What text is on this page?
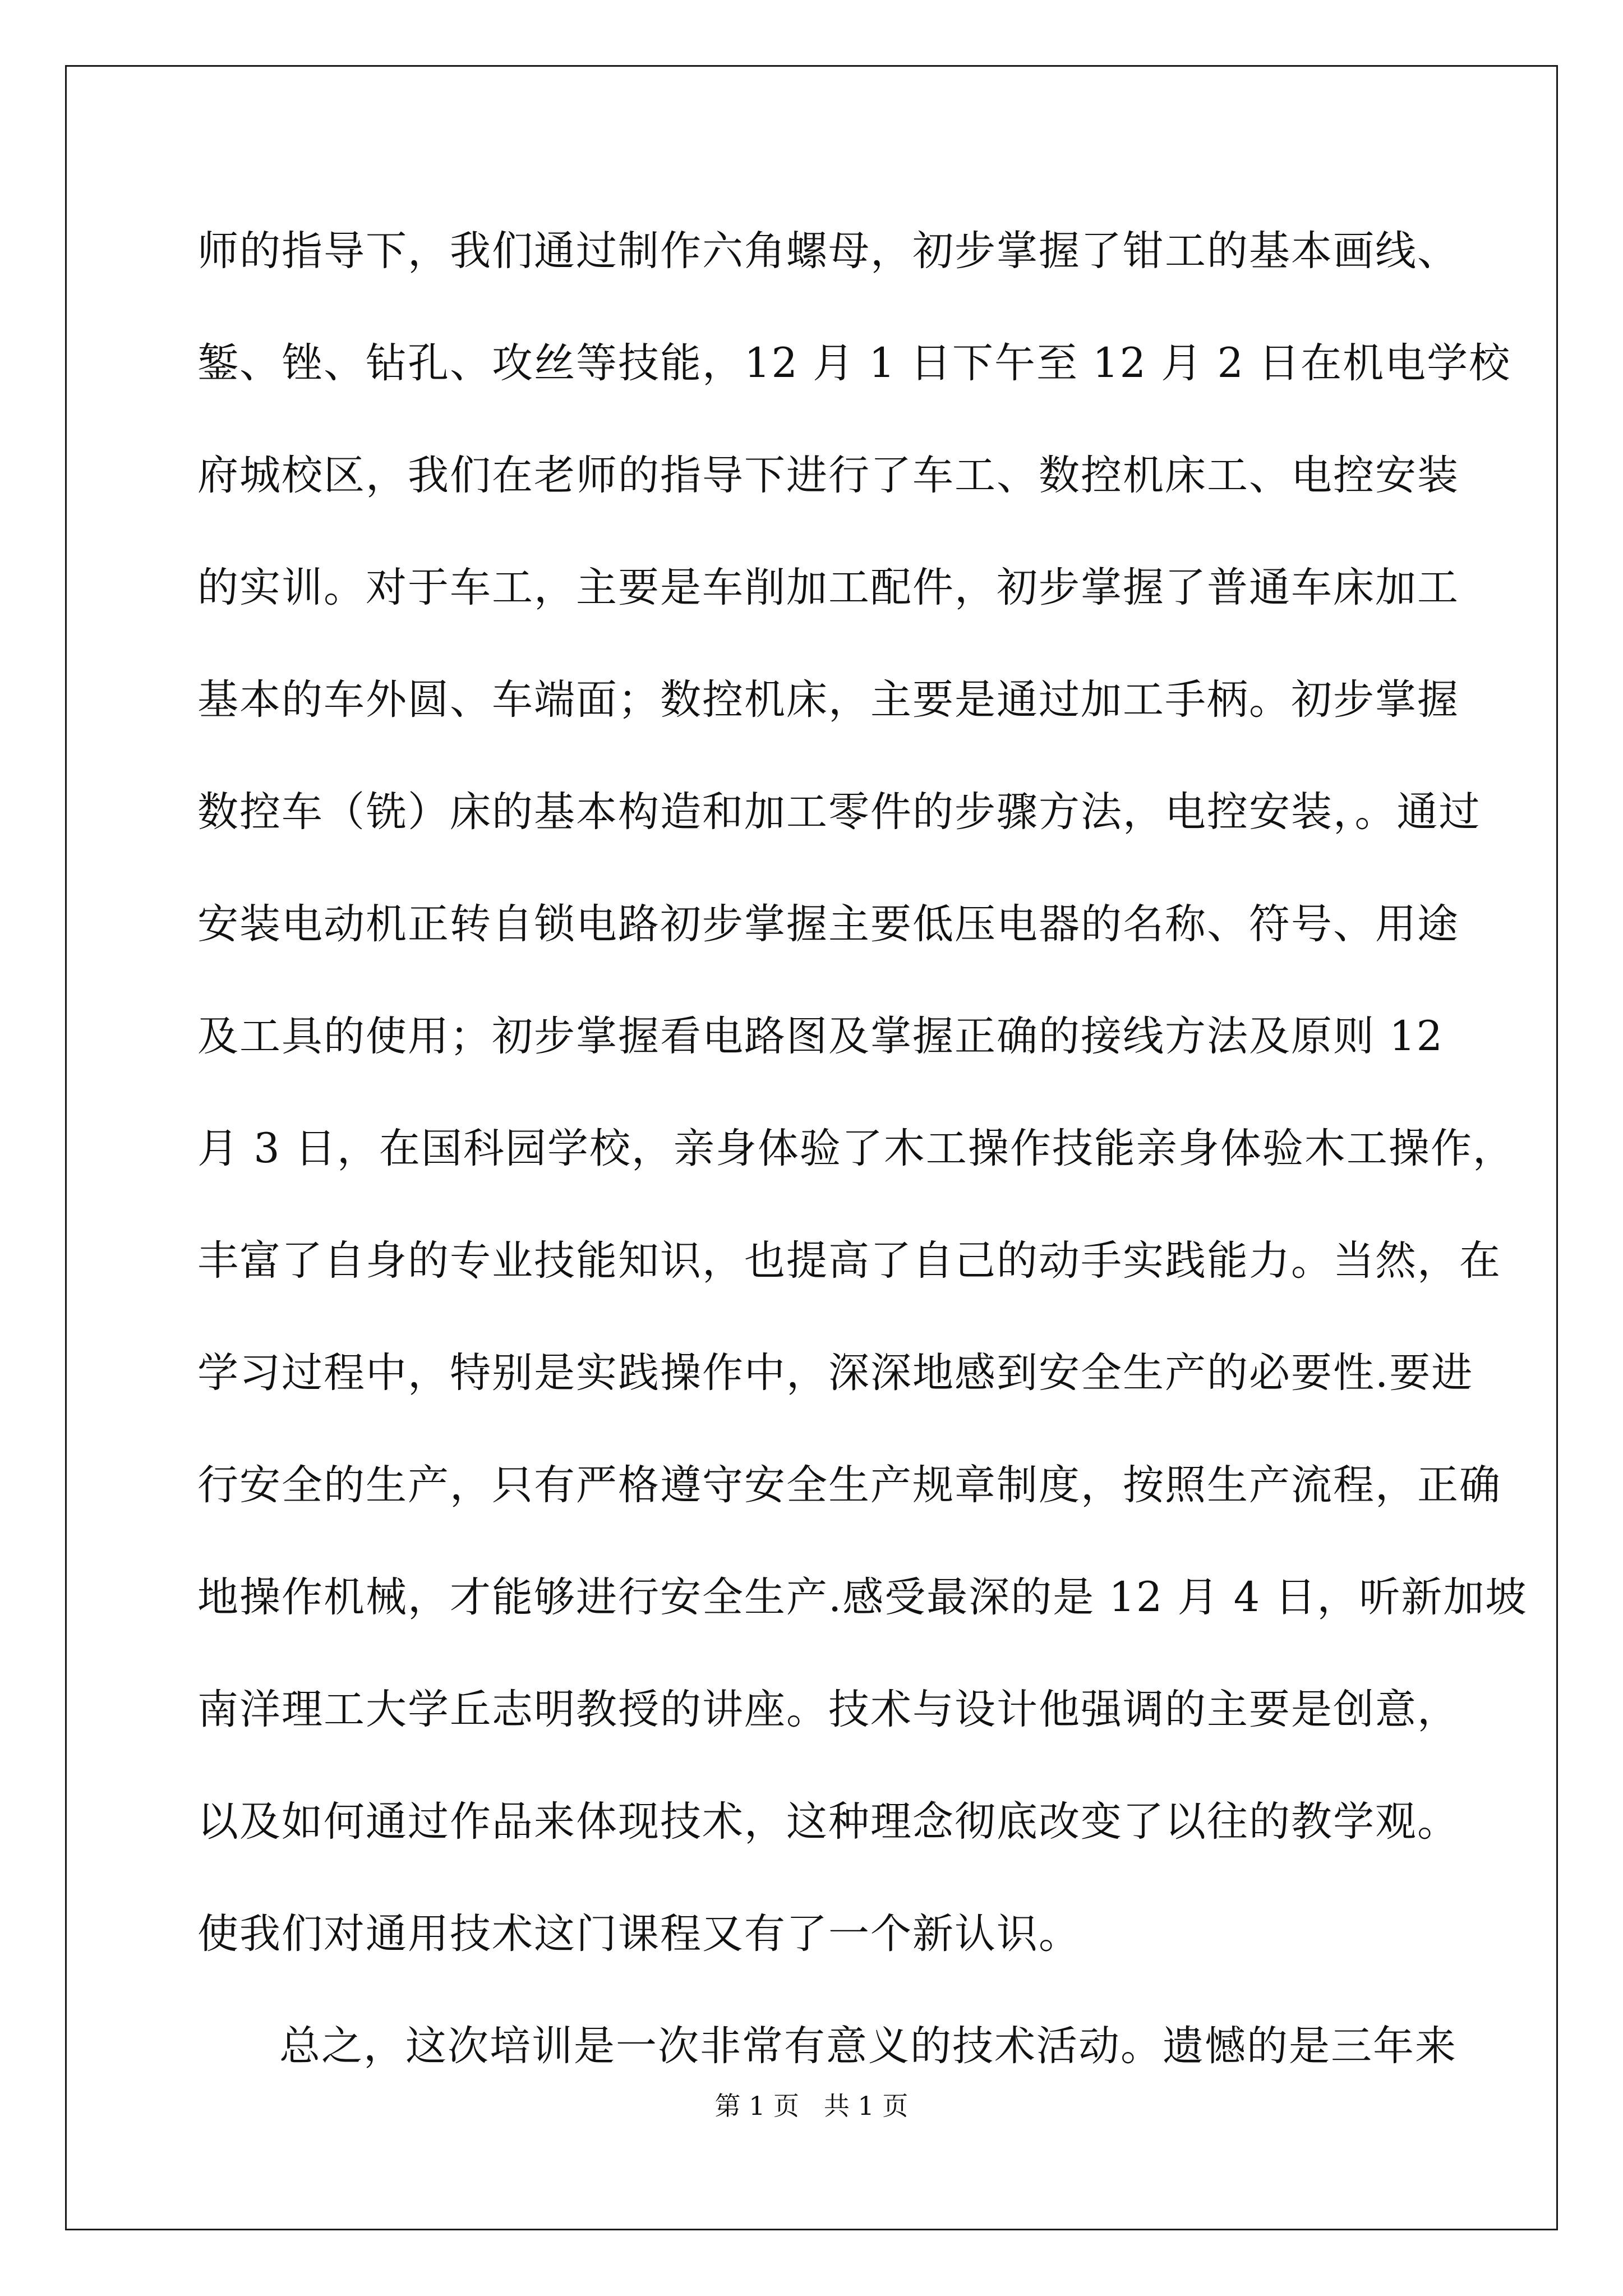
师的指导下，我们通过制作六角螺母，初步掌握了钳工的基本画线、
錾、锉、钻孔、攻丝等技能，12 月 1 日下午至 12 月 2 日在机电学校
府城校区，我们在老师的指导下进行了车工、数控机床工、电控安装
的实训。对于车工，主要是车削加工配件，初步掌握了普通车床加工
基本的车外圆、车端面；数控机床，主要是通过加工手柄。初步掌握
数控车（铣）床的基本构造和加工零件的步骤方法，电控安装，。通过
安装电动机正转自锁电路初步掌握主要低压电器的名称、符号、用途
及工具的使用；初步掌握看电路图及掌握正确的接线方法及原则 12
月 3 日，在国科园学校，亲身体验了木工操作技能亲身体验木工操作，
丰富了自身的专业技能知识，也提高了自己的动手实践能力。当然，在
学习过程中，特别是实践操作中，深深地感到安全生产的必要性.要进
行安全的生产，只有严格遵守安全生产规章制度，按照生产流程，正确
地操作机械，才能够进行安全生产.感受最深的是 12 月 4 日，听新加坡
南洋理工大学丘志明教授的讲座。技术与设计他强调的主要是创意，
以及如何通过作品来体现技术，这种理念彻底改变了以往的教学观。
使我们对通用技术这门课程又有了一个新认识。
总之，这次培训是一次非常有意义的技术活动。遗憾的是三年来
第 1 页   共 1 页
